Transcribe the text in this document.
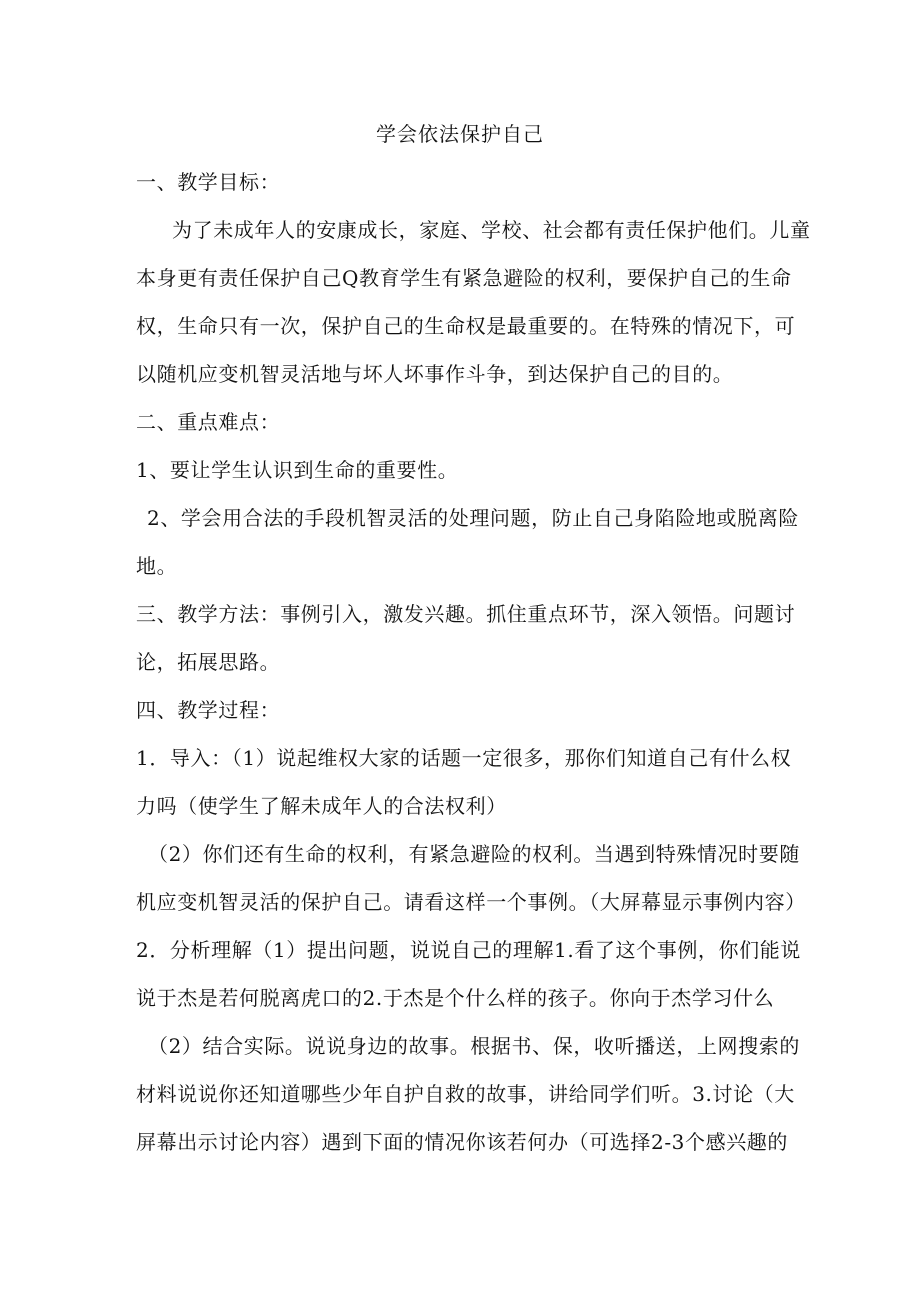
学会依法保护自己
一、教学目标：
为了未成年人的安康成长，家庭、学校、社会都有责任保护他们。儿童
本身更有责任保护自己Q教育学生有紧急避险的权利，要保护自己的生命
权，生命只有一次，保护自己的生命权是最重要的。在特殊的情况下，可
以随机应变机智灵活地与坏人坏事作斗争，到达保护自己的目的。
二、重点难点：
1、要让学生认识到生命的重要性。
2、学会用合法的手段机智灵活的处理问题，防止自己身陷险地或脱离险
地。
三、教学方法：事例引入，激发兴趣。抓住重点环节，深入领悟。问题讨
论，拓展思路。
四、教学过程：
1．导入：（1）说起维权大家的话题一定很多，那你们知道自己有什么权
力吗（使学生了解未成年人的合法权利）
（2）你们还有生命的权利，有紧急避险的权利。当遇到特殊情况时要随
机应变机智灵活的保护自己。请看这样一个事例。（大屏幕显示事例内容）
2．分析理解（1）提出问题，说说自己的理解1.看了这个事例，你们能说
说于杰是若何脱离虎口的2.于杰是个什么样的孩子。你向于杰学习什么
（2）结合实际。说说身边的故事。根据书、保，收听播送，上网搜索的
材料说说你还知道哪些少年自护自救的故事，讲给同学们听。3.讨论（大
屏幕出示讨论内容）遇到下面的情况你该若何办（可选择2-3个感兴趣的
